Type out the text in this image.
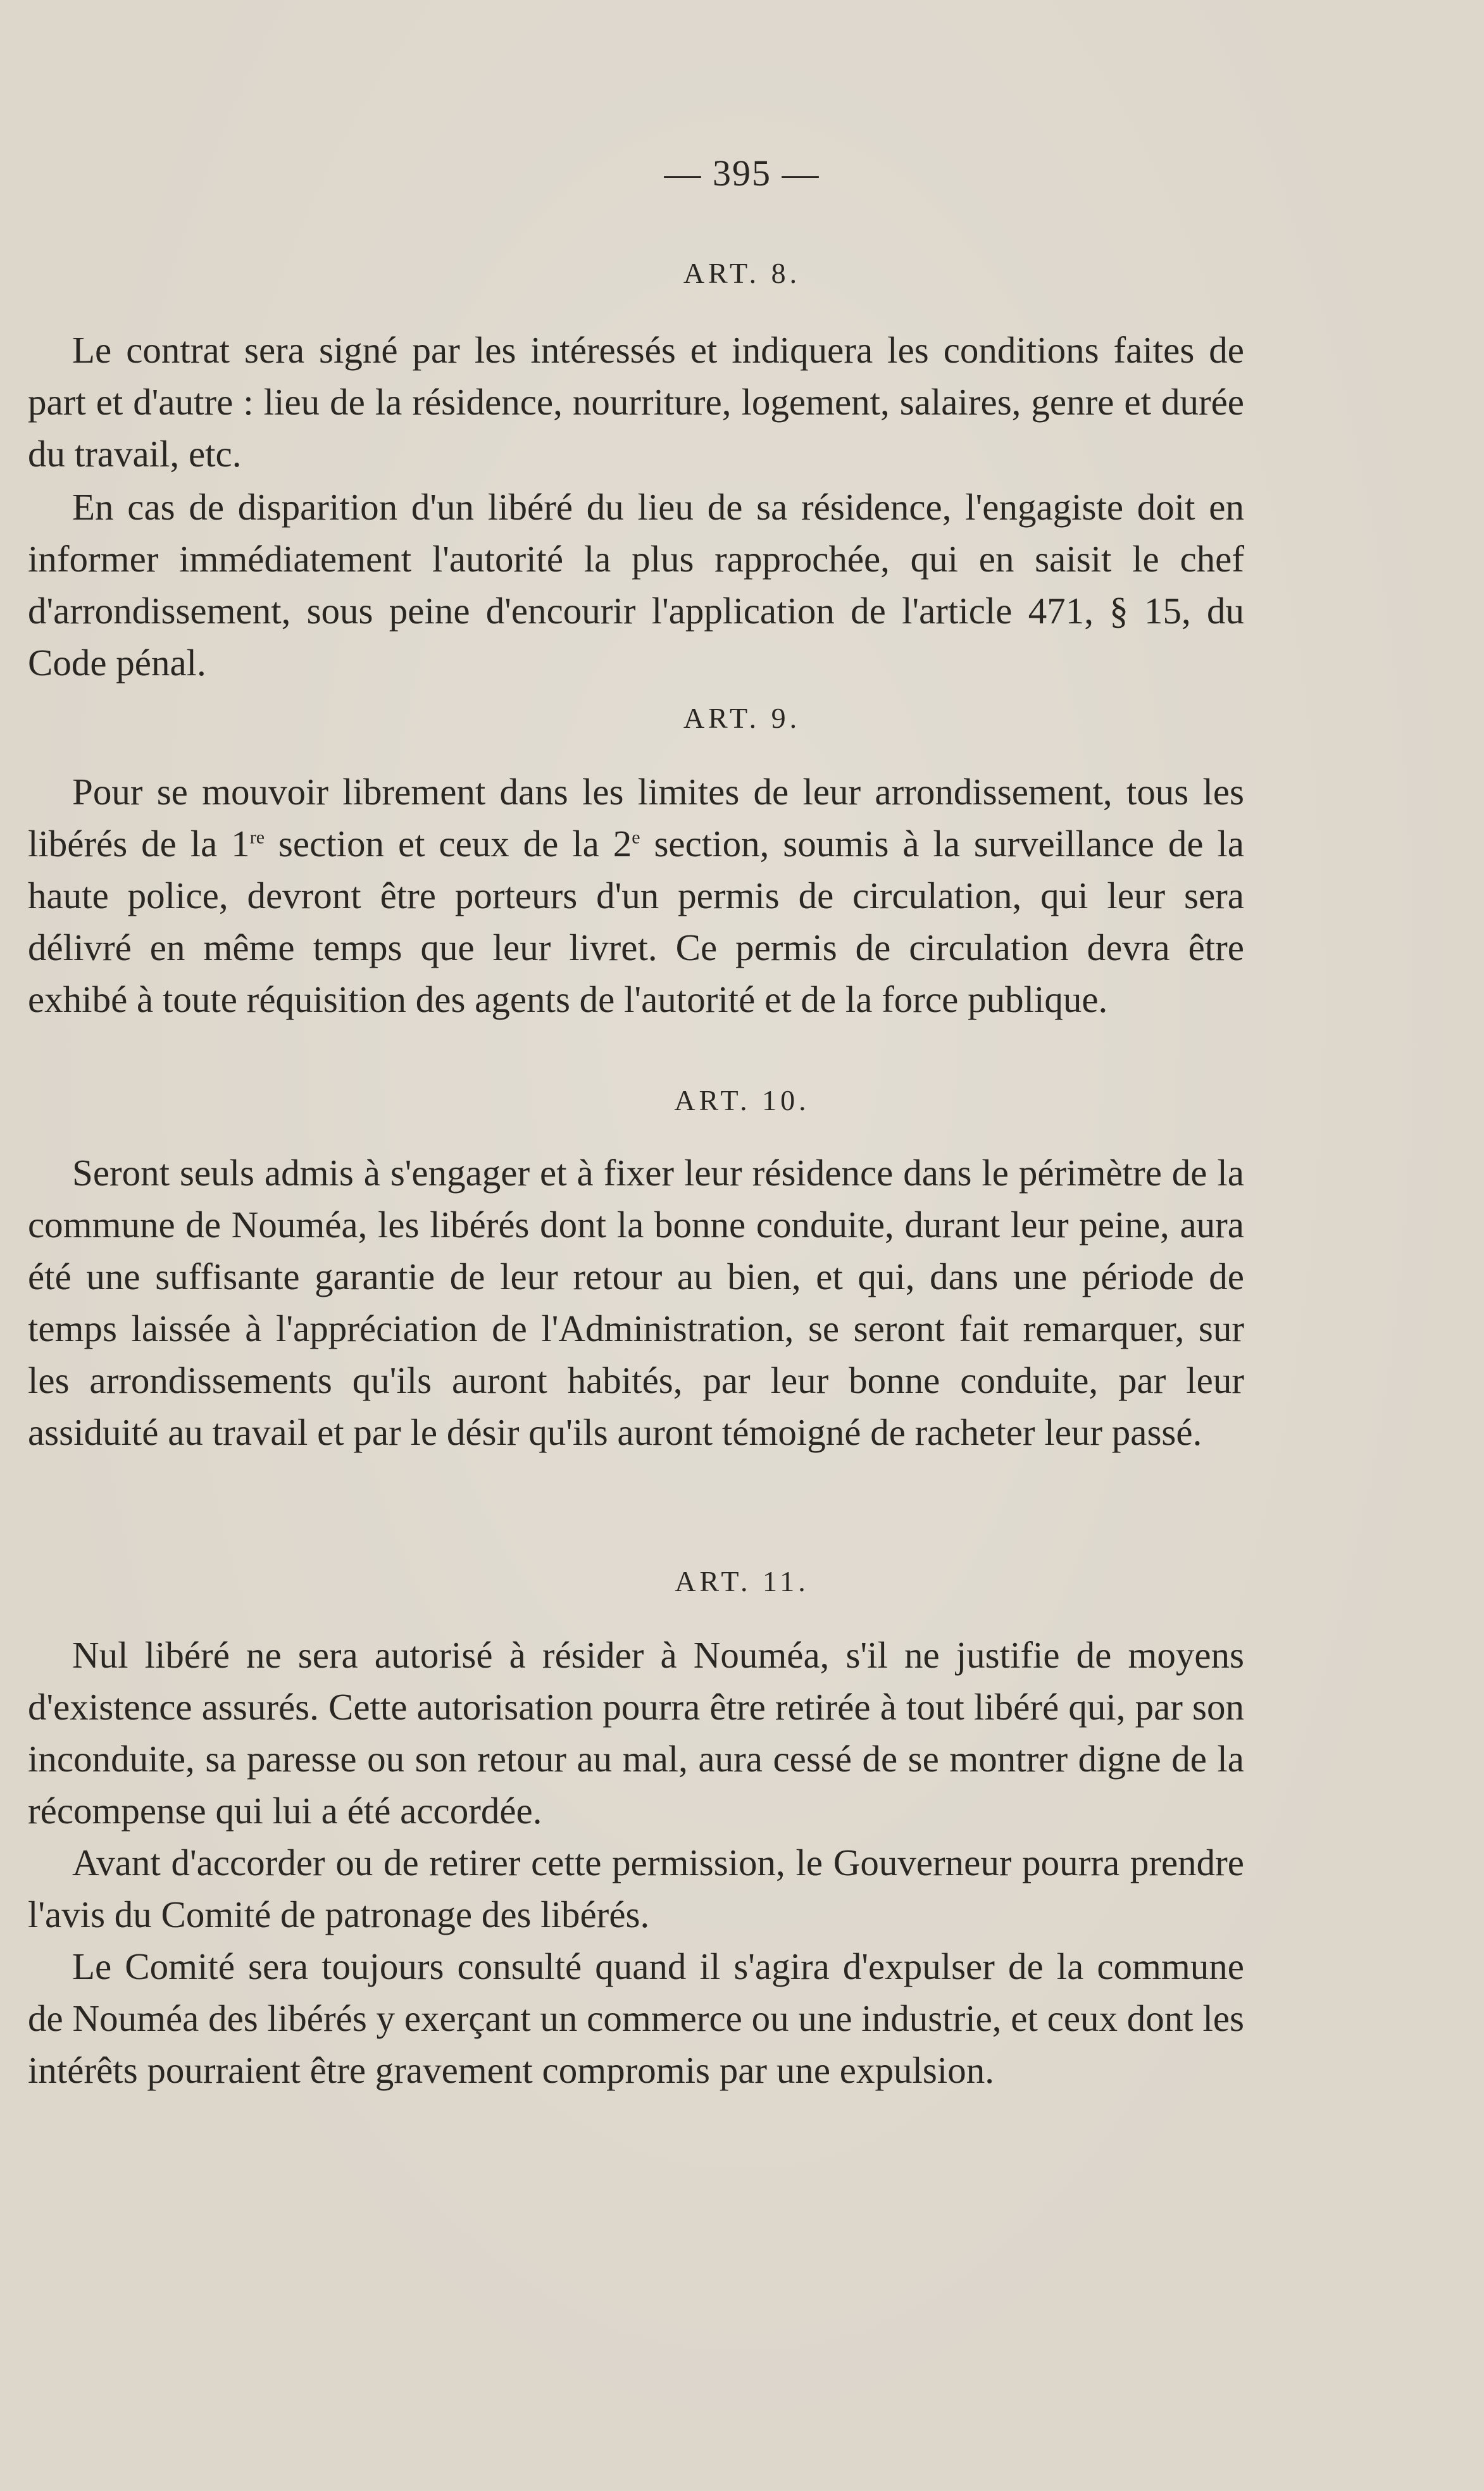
— 395 —
ART. 8.

Le contrat sera signé par les intéressés et indiquera les conditions faites de part et d'autre : lieu de la résidence, nourriture, logement, salaires, genre et durée du travail, etc.

En cas de disparition d'un libéré du lieu de sa résidence, l'engagiste doit en informer immédiatement l'autorité la plus rapprochée, qui en saisit le chef d'arrondissement, sous peine d'encourir l'application de l'article 471, § 15, du Code pénal.

ART. 9.

Pour se mouvoir librement dans les limites de leur arrondissement, tous les libérés de la 1re section et ceux de la 2e section, soumis à la surveillance de la haute police, devront être porteurs d'un permis de circulation, qui leur sera délivré en même temps que leur livret. Ce permis de circulation devra être exhibé à toute réquisition des agents de l'autorité et de la force publique.

ART. 10.

Seront seuls admis à s'engager et à fixer leur résidence dans le périmètre de la commune de Nouméa, les libérés dont la bonne conduite, durant leur peine, aura été une suffisante garantie de leur retour au bien, et qui, dans une période de temps laissée à l'appréciation de l'Administration, se seront fait remarquer, sur les arrondissements qu'ils auront habités, par leur bonne conduite, par leur assiduité au travail et par le désir qu'ils auront témoigné de racheter leur passé.

ART. 11.

Nul libéré ne sera autorisé à résider à Nouméa, s'il ne justifie de moyens d'existence assurés. Cette autorisation pourra être retirée à tout libéré qui, par son inconduite, sa paresse ou son retour au mal, aura cessé de se montrer digne de la récompense qui lui a été accordée.

Avant d'accorder ou de retirer cette permission, le Gouverneur pourra prendre l'avis du Comité de patronage des libérés.

Le Comité sera toujours consulté quand il s'agira d'expulser de la commune de Nouméa des libérés y exerçant un commerce ou une industrie, et ceux dont les intérêts pourraient être gravement compromis par une expulsion.
